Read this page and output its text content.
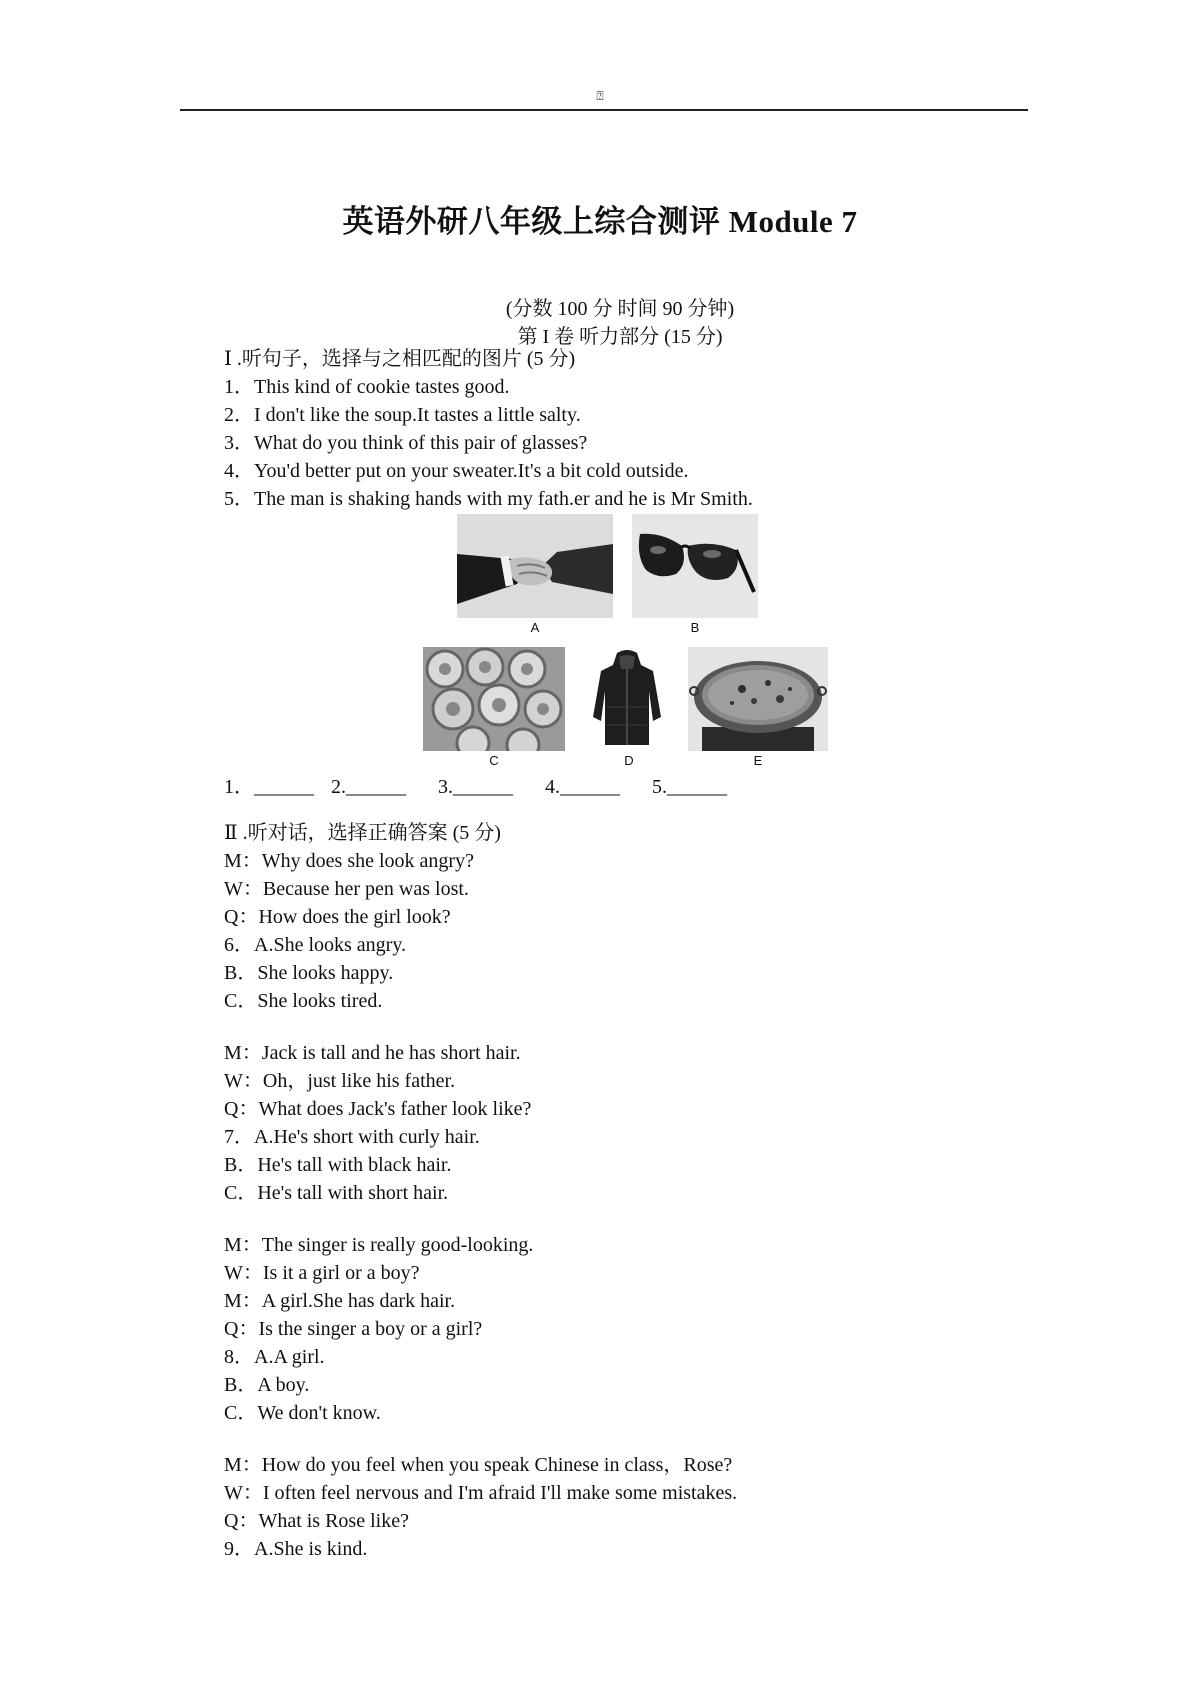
⍰
英语外研八年级上综合测评 Module 7
(分数 100 分 时间 90 分钟)
第 I 卷 听力部分 (15 分)
Ⅰ .听句子，选择与之相匹配的图片 (5 分)
1．This kind of cookie tastes good.
2．I don't like the soup.It tastes a little salty.
3．What do you think of this pair of glasses?
4．You'd better put on your sweater.It's a bit cold outside.
5．The man is shaking hands with my fath.er and he is Mr Smith.
A	B
C	D	E
1．______ 2.______ 3.______ 4.______ 5.______
Ⅱ .听对话，选择正确答案 (5 分)
M：Why does she look angry?
W：Because her pen was lost.
Q：How does the girl look?
6．A.She looks angry.
B．She looks happy.
C．She looks tired.
M：Jack is tall and he has short hair.
W：Oh，just like his father.
Q：What does Jack's father look like?
7．A.He's short with curly hair.
B．He's tall with black hair.
C．He's tall with short hair.
M：The singer is really good-looking.
W：Is it a girl or a boy?
M：A girl.She has dark hair.
Q：Is the singer a boy or a girl?
8．A.A girl.
B．A boy.
C．We don't know.
M：How do you feel when you speak Chinese in class，Rose?
W：I often feel nervous and I'm afraid I'll make some mistakes.
Q：What is Rose like?
9．A.She is kind.
